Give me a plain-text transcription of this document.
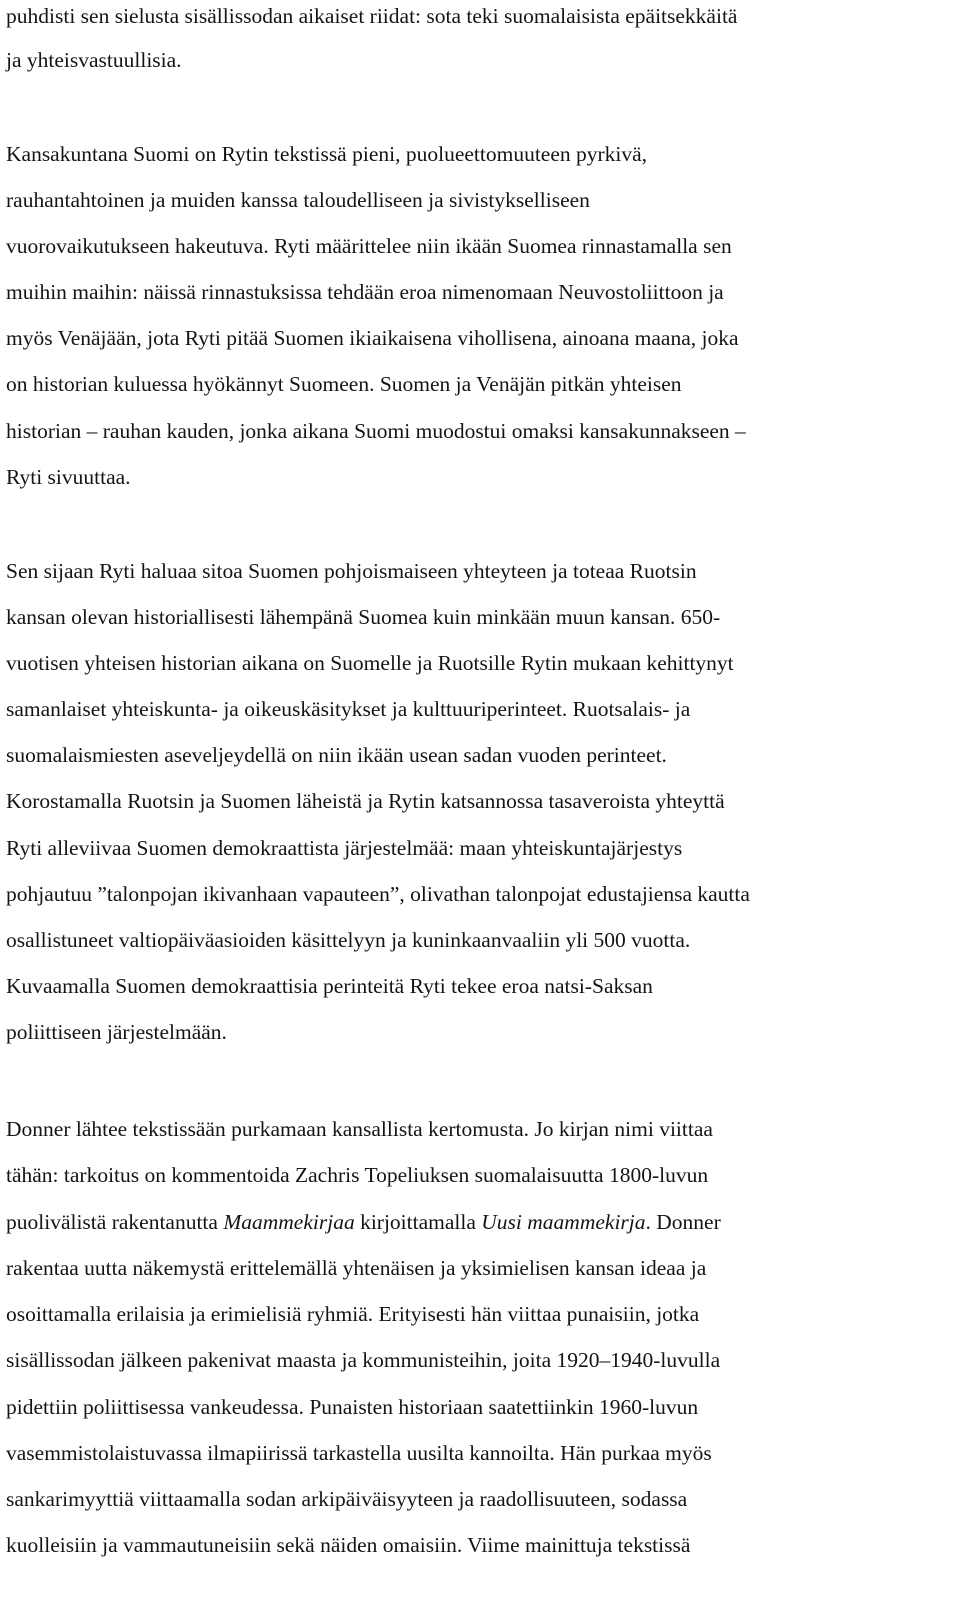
puhdisti sen sielusta sisällissodan aikaiset riidat: sota teki suomalaisista epäitsekkäitä
ja yhteisvastuullisia.
Kansakuntana Suomi on Rytin tekstissä pieni, puolueettomuuteen pyrkivä,
rauhantahtoinen ja muiden kanssa taloudelliseen ja sivistykselliseen
vuorovaikutukseen hakeutuva. Ryti määrittelee niin ikään Suomea rinnastamalla sen
muihin maihin: näissä rinnastuksissa tehdään eroa nimenomaan Neuvostoliittoon ja
myös Venäjään, jota Ryti pitää Suomen ikiaikaisena vihollisena, ainoana maana, joka
on historian kuluessa hyökännyt Suomeen. Suomen ja Venäjän pitkän yhteisen
historian – rauhan kauden, jonka aikana Suomi muodostui omaksi kansakunnakseen –
Ryti sivuuttaa.
Sen sijaan Ryti haluaa sitoa Suomen pohjoismaiseen yhteyteen ja toteaa Ruotsin
kansan olevan historiallisesti lähempänä Suomea kuin minkään muun kansan. 650-
vuotisen yhteisen historian aikana on Suomelle ja Ruotsille Rytin mukaan kehittynyt
samanlaiset yhteiskunta- ja oikeuskäsitykset ja kulttuuriperinteet. Ruotsalais- ja
suomalaismiesten aseveljeydellä on niin ikään usean sadan vuoden perinteet.
Korostamalla Ruotsin ja Suomen läheistä ja Rytin katsannossa tasaveroista yhteyttä
Ryti alleviivaa Suomen demokraattista järjestelmää: maan yhteiskuntajärjestys
pohjautuu ”talonpojan ikivanhaan vapauteen”, olivathan talonpojat edustajiensa kautta
osallistuneet valtiopäiväasioiden käsittelyyn ja kuninkaanvaaliin yli 500 vuotta.
Kuvaamalla Suomen demokraattisia perinteitä Ryti tekee eroa natsi-Saksan
poliittiseen järjestelmään.
Donner lähtee tekstissään purkamaan kansallista kertomusta. Jo kirjan nimi viittaa
tähän: tarkoitus on kommentoida Zachris Topeliuksen suomalaisuutta 1800-luvun
puolivälistä rakentanutta Maammekirjaa kirjoittamalla Uusi maammekirja. Donner
rakentaa uutta näkemystä erittelemällä yhtenäisen ja yksimielisen kansan ideaa ja
osoittamalla erilaisia ja erimielisiä ryhmiä. Erityisesti hän viittaa punaisiin, jotka
sisällissodan jälkeen pakenivat maasta ja kommunisteihin, joita 1920–1940-luvulla
pidettiin poliittisessa vankeudessa. Punaisten historiaan saatettiinkin 1960-luvun
vasemmistolaistuvassa ilmapiirissä tarkastella uusilta kannoilta. Hän purkaa myös
sankarimyyttiä viittaamalla sodan arkipäiväisyyteen ja raadollisuuteen, sodassa
kuolleisiin ja vammautuneisiin sekä näiden omaisiin. Viime mainittuja tekstissä
